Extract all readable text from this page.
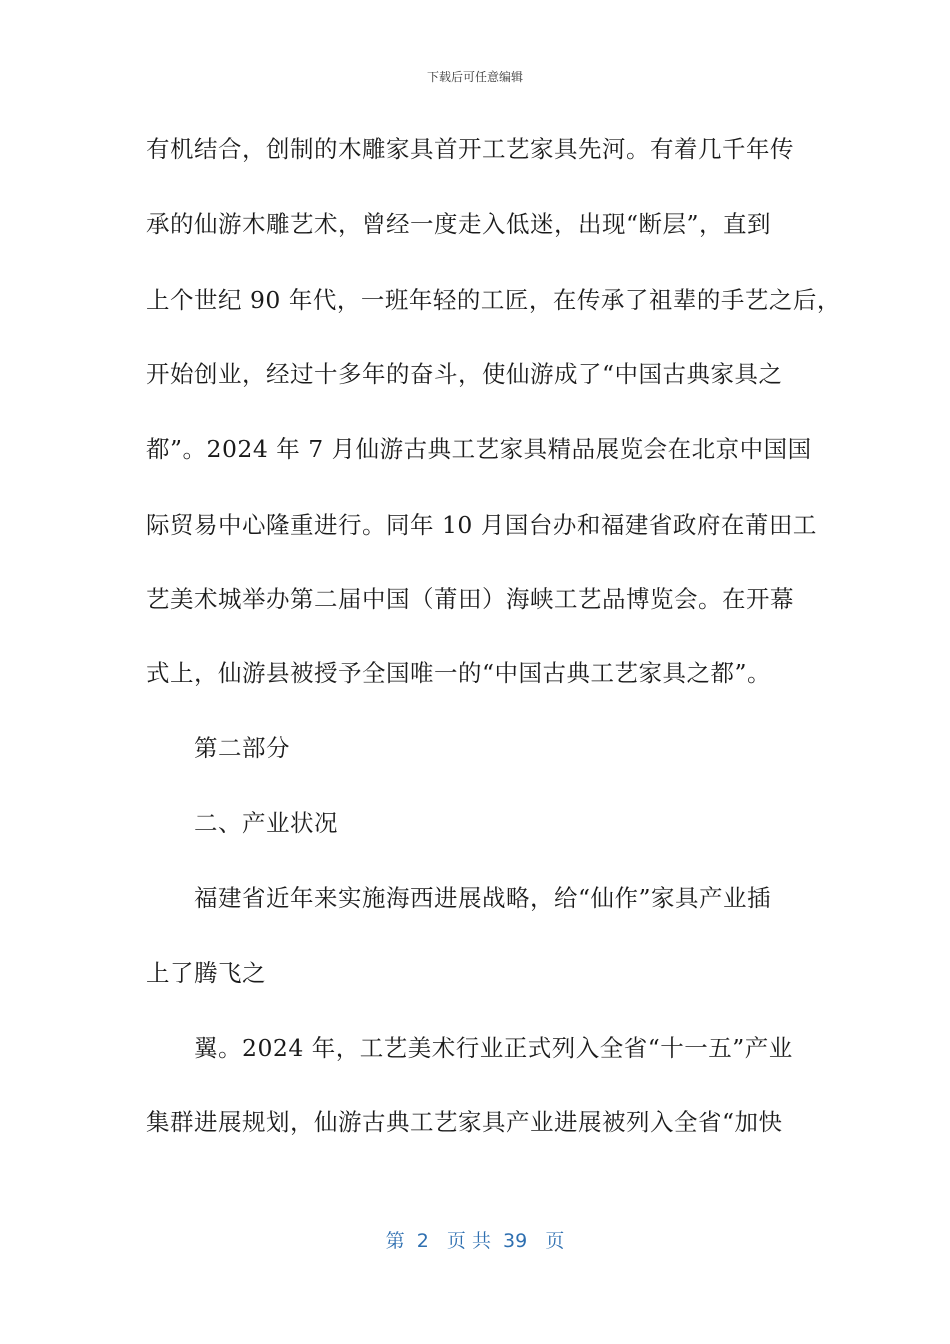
下载后可任意编辑
有机结合，创制的木雕家具首开工艺家具先河。有着几千年传
承的仙游木雕艺术，曾经一度走入低迷，出现“断层”，直到
上个世纪 90 年代，一班年轻的工匠，在传承了祖辈的手艺之后，
开始创业，经过十多年的奋斗，使仙游成了“中国古典家具之
都”。2024 年 7 月仙游古典工艺家具精品展览会在北京中国国
际贸易中心隆重进行。同年 10 月国台办和福建省政府在莆田工
艺美术城举办第二届中国（莆田）海峡工艺品博览会。在开幕
式上，仙游县被授予全国唯一的“中国古典工艺家具之都”。
第二部分
二、产业状况
福建省近年来实施海西进展战略，给“仙作”家具产业插
上了腾飞之
翼。2024 年，工艺美术行业正式列入全省“十一五”产业
集群进展规划，仙游古典工艺家具产业进展被列入全省“加快
第  2   页 共  39   页
